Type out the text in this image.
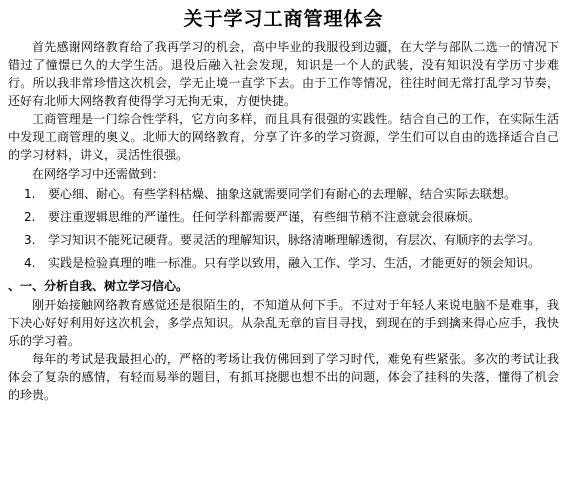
关于学习工商管理体会

首先感谢网络教育给了我再学习的机会，高中毕业的我服役到边疆，在大学与部队二选一的情况下错过了憧憬已久的大学生活。退役后融入社会发现，知识是一个人的武装，没有知识没有学历寸步难行。所以我非常珍惜这次机会，学无止境一直学下去。由于工作等情况，往往时间无常打乱学习节奏，还好有北师大网络教育使得学习无拘无束，方便快捷。

工商管理是一门综合性学科，它方向多样，而且具有很强的实践性。结合自己的工作，在实际生活中发现工商管理的奥义。北师大的网络教育，分享了许多的学习资源，学生们可以自由的选择适合自己的学习材料，讲义，灵活性很强。

在网络学习中还需做到：

1. 要心细、耐心。有些学科枯燥、抽象这就需要同学们有耐心的去理解，结合实际去联想。
2. 要注重逻辑思维的严谨性。任何学科都需要严谨，有些细节稍不注意就会很麻烦。
3. 学习知识不能死记硬背。要灵活的理解知识，脉络清晰理解透彻，有层次、有顺序的去学习。
4. 实践是检验真理的唯一标准。只有学以致用，融入工作、学习、生活，才能更好的领会知识。

、一、分析自我、树立学习信心。

刚开始接触网络教育感觉还是很陌生的，不知道从何下手。不过对于年轻人来说电脑不是难事，我下决心好好利用好这次机会，多学点知识。从杂乱无章的盲目寻找，到现在的手到擒来得心应手，我快乐的学习着。

每年的考试是我最担心的，严格的考场让我仿佛回到了学习时代，难免有些紧张。多次的考试让我体会了复杂的感情，有轻而易举的题目，有抓耳挠腮也想不出的问题，体会了挂科的失落，懂得了机会的珍贵。
